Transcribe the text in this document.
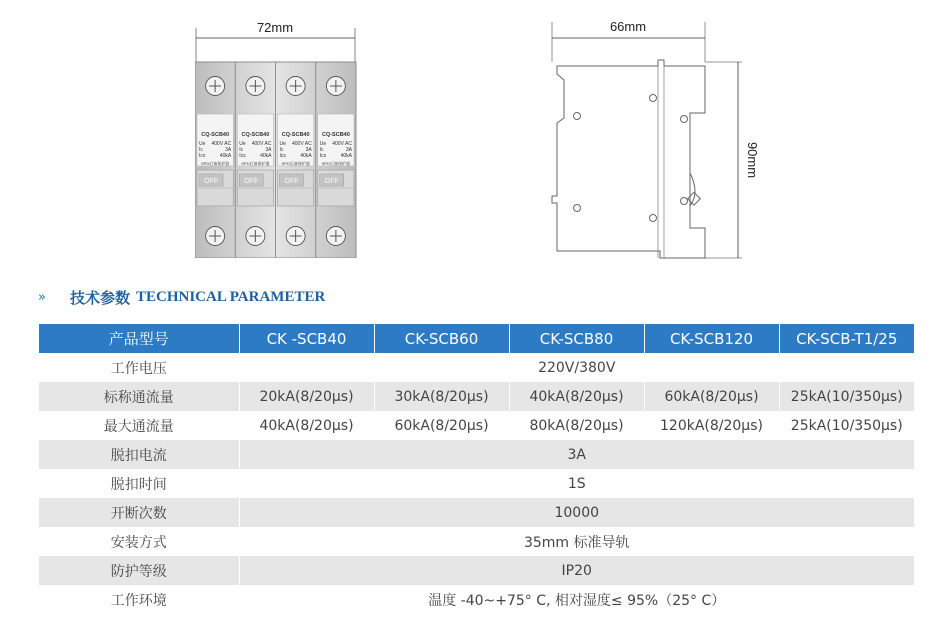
72mm
CQ-SCB40
Ue 400V AC
Ic	3A
Ics	40kA
SPD后备保护器
OFF
CQ-SCB40
Ue 400V AC
Ic	3A
Ics	40kA
SPD后备保护器
OFF
CQ-SCB40
Ue 400V AC
Ic	3A
Ics	40kA
SPD后备保护器
OFF
CQ-SCB40
Ue 400V AC
Ic	3A
Ics	40kA
SPD后备保护器
OFF
66mm
90mm
» 技术参数 TECHNICAL PARAMETER
产品型号	CK -SCB40	CK-SCB60	CK-SCB80	CK-SCB120	CK-SCB-T1/25
工作电压	220V/380V				
标称通流量	20kA(8/20μs)	30kA(8/20μs)	40kA(8/20μs)	60kA(8/20μs)	25kA(10/350μs)
最大通流量	40kA(8/20μs)	60kA(8/20μs)	80kA(8/20μs)	120kA(8/20μs)	25kA(10/350μs)
脱扣电流	3A				
脱扣时间	1S				
开断次数	10000				
安装方式	35mm 标准导轨				
防护等级	IP20				
工作环境	温度 -40~+75° C, 相对湿度≤ 95%（25° C）				
